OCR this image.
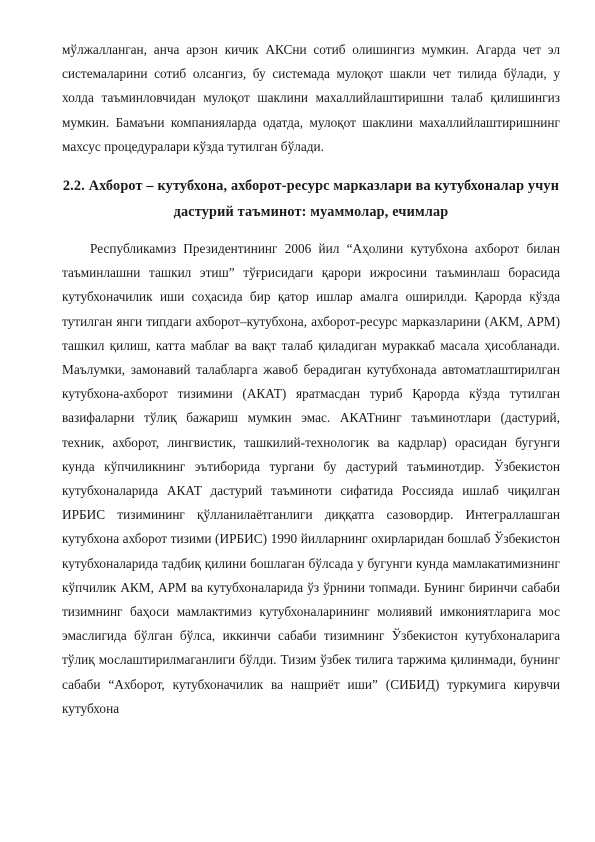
мўлжалланган, анча арзон кичик АКСни сотиб олишингиз мумкин. Агарда чет эл системаларини сотиб олсангиз, бу системада мулоқот шакли чет тилида бўлади, у холда таъминловчидан мулоқот шаклини махаллийлаштиришни талаб қилишингиз мумкин. Бамаъни компанияларда одатда, мулоқот шаклини махаллийлаштиришнинг махсус процедуралари кўзда тутилган бўлади.

2.2. Ахборот – кутубхона, ахборот-ресурс марказлари ва кутубхоналар учун дастурий таъминот: муаммолар, ечимлар

Республикамиз Президентининг 2006 йил “Аҳолини кутубхона ахборот билан таъминлашни ташкил этиш” тўғрисидаги қарори ижросини таъминлаш борасида кутубхоначилик иши соҳасида бир қатор ишлар амалга оширилди. Қарорда кўзда тутилган янги типдаги ахборот–кутубхона, ахборот-ресурс марказларини (АКМ, АРМ) ташкил қилиш, катта маблағ ва вақт талаб қиладиган мураккаб масала ҳисобланади. Маълумки, замонавий талабларга жавоб берадиган кутубхонада автоматлаштирилган кутубхона-ахборот тизимини (АКАТ) яратмасдан туриб Қарорда кўзда тутилган вазифаларни тўлиқ бажариш мумкин эмас. АКАТнинг таъминотлари (дастурий, техник, ахборот, лингвистик, ташкилий-технологик ва кадрлар) орасидан бугунги кунда кўпчиликнинг эътиборида тургани бу дастурий таъминотдир. Ўзбекистон кутубхоналарида АКАТ дастурий таъминоти сифатида Россияда ишлаб чиқилган ИРБИС тизимининг қўлланилаётганлиги диққатга сазовордир. Интеграллашган кутубхона ахборот тизими (ИРБИС) 1990 йилларнинг охирларидан бошлаб Ўзбекистон кутубхоналарида тадбиқ қилини бошлаган бўлсада у бугунги кунда мамлакатимизнинг кўпчилик АКМ, АРМ ва кутубхоналарида ўз ўрнини топмади. Бунинг биринчи сабаби тизимнинг баҳоси мамлактимиз кутубхоналарининг молиявий имкониятларига мос эмаслигида бўлган бўлса, иккинчи сабаби тизимнинг Ўзбекистон кутубхоналарига тўлиқ мослаштирилмаганлиги бўлди. Тизим ўзбек тилига таржима қилинмади, бунинг сабаби “Ахборот, кутубхоначилик ва нашриёт иши” (СИБИД) туркумига кирувчи кутубхона
